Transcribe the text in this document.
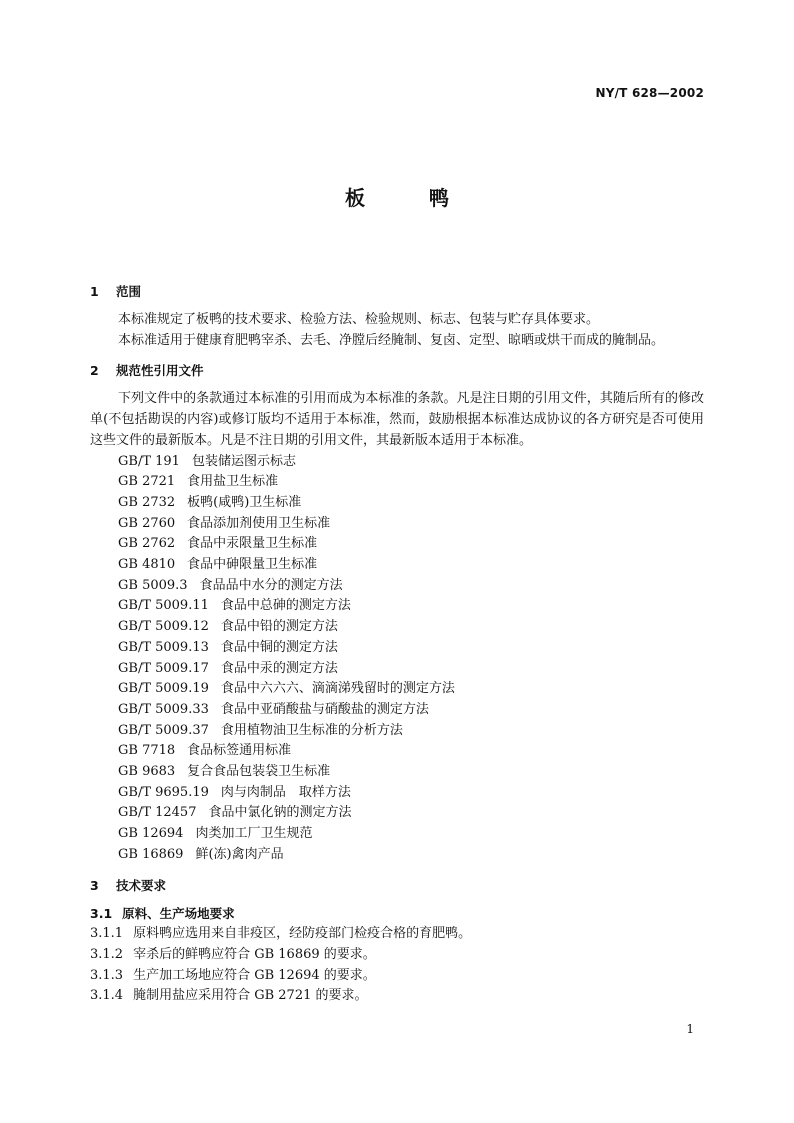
NY/T 628—2002
板鸭
1 范围
本标准规定了板鸭的技术要求、检验方法、检验规则、标志、包装与贮存具体要求。
本标准适用于健康育肥鸭宰杀、去毛、净膛后经腌制、复卤、定型、晾晒或烘干而成的腌制品。
2 规范性引用文件
下列文件中的条款通过本标准的引用而成为本标准的条款。凡是注日期的引用文件，其随后所有的修改单(不包括勘误的内容)或修订版均不适用于本标准，然而，鼓励根据本标准达成协议的各方研究是否可使用这些文件的最新版本。凡是不注日期的引用文件，其最新版本适用于本标准。
GB/T 191 包装储运图示标志
GB 2721 食用盐卫生标准
GB 2732 板鸭(咸鸭)卫生标准
GB 2760 食品添加剂使用卫生标准
GB 2762 食品中汞限量卫生标准
GB 4810 食品中砷限量卫生标准
GB 5009.3 食品品中水分的测定方法
GB/T 5009.11 食品中总砷的测定方法
GB/T 5009.12 食品中铅的测定方法
GB/T 5009.13 食品中铜的测定方法
GB/T 5009.17 食品中汞的测定方法
GB/T 5009.19 食品中六六六、滴滴涕残留时的测定方法
GB/T 5009.33 食品中亚硝酸盐与硝酸盐的测定方法
GB/T 5009.37 食用植物油卫生标准的分析方法
GB 7718 食品标签通用标准
GB 9683 复合食品包装袋卫生标准
GB/T 9695.19 肉与肉制品　取样方法
GB/T 12457 食品中氯化钠的测定方法
GB 12694 肉类加工厂卫生规范
GB 16869 鲜(冻)禽肉产品
3 技术要求
3.1 原料、生产场地要求
3.1.1 原料鸭应选用来自非疫区，经防疫部门检疫合格的育肥鸭。
3.1.2 宰杀后的鲜鸭应符合 GB 16869 的要求。
3.1.3 生产加工场地应符合 GB 12694 的要求。
3.1.4 腌制用盐应采用符合 GB 2721 的要求。
1
